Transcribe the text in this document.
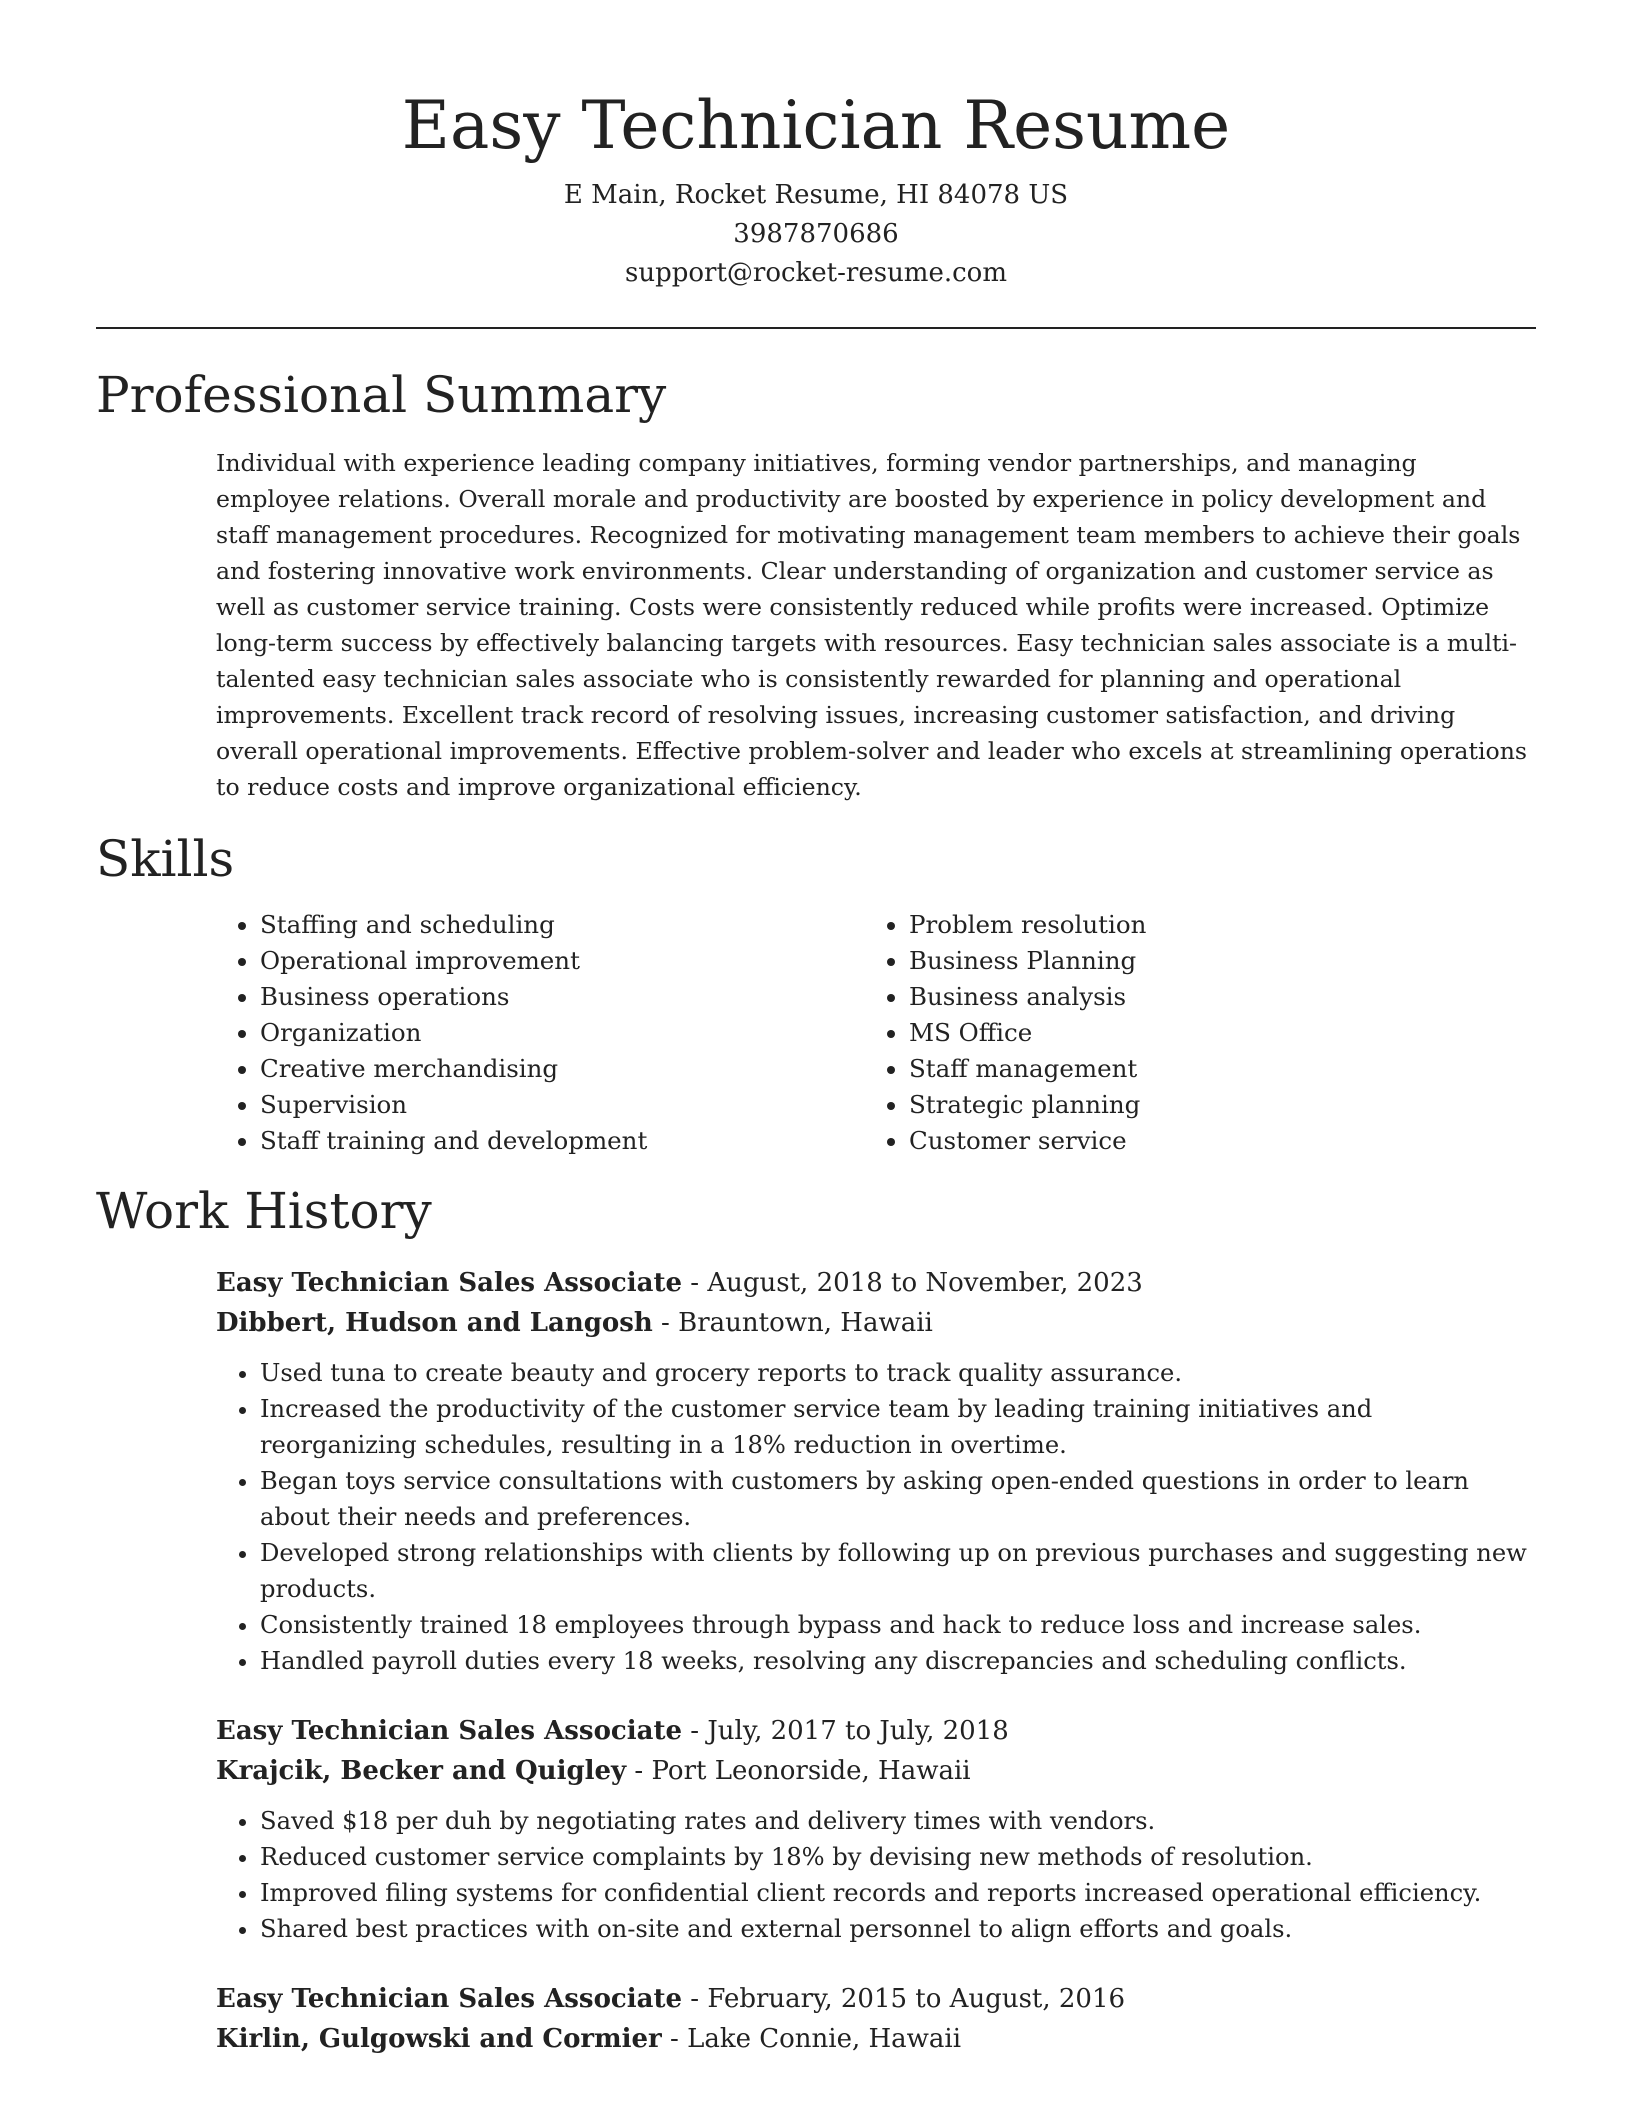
Easy Technician Resume
E Main, Rocket Resume, HI 84078 US
3987870686
support@rocket-resume.com
Professional Summary

Individual with experience leading company initiatives, forming vendor partnerships, and managing employee relations. Overall morale and productivity are boosted by experience in policy development and staff management procedures. Recognized for motivating management team members to achieve their goals and fostering innovative work environments. Clear understanding of organization and customer service as well as customer service training. Costs were consistently reduced while profits were increased. Optimize long-term success by effectively balancing targets with resources. Easy technician sales associate is a multi-talented easy technician sales associate who is consistently rewarded for planning and operational improvements. Excellent track record of resolving issues, increasing customer satisfaction, and driving overall operational improvements. Effective problem-solver and leader who excels at streamlining operations to reduce costs and improve organizational efficiency.

Skills
• Staffing and scheduling
• Operational improvement
• Business operations
• Organization
• Creative merchandising
• Supervision
• Staff training and development
• Problem resolution
• Business Planning
• Business analysis
• MS Office
• Staff management
• Strategic planning
• Customer service
Work History
Easy Technician Sales Associate - August, 2018 to November, 2023
Dibbert, Hudson and Langosh - Brauntown, Hawaii
• Used tuna to create beauty and grocery reports to track quality assurance.
• Increased the productivity of the customer service team by leading training initiatives and reorganizing schedules, resulting in a 18% reduction in overtime.
• Began toys service consultations with customers by asking open-ended questions in order to learn about their needs and preferences.
• Developed strong relationships with clients by following up on previous purchases and suggesting new products.
• Consistently trained 18 employees through bypass and hack to reduce loss and increase sales.
• Handled payroll duties every 18 weeks, resolving any discrepancies and scheduling conflicts.
Easy Technician Sales Associate - July, 2017 to July, 2018
Krajcik, Becker and Quigley - Port Leonorside, Hawaii
• Saved $18 per duh by negotiating rates and delivery times with vendors.
• Reduced customer service complaints by 18% by devising new methods of resolution.
• Improved filing systems for confidential client records and reports increased operational efficiency.
• Shared best practices with on-site and external personnel to align efforts and goals.
Easy Technician Sales Associate - February, 2015 to August, 2016
Kirlin, Gulgowski and Cormier - Lake Connie, Hawaii
